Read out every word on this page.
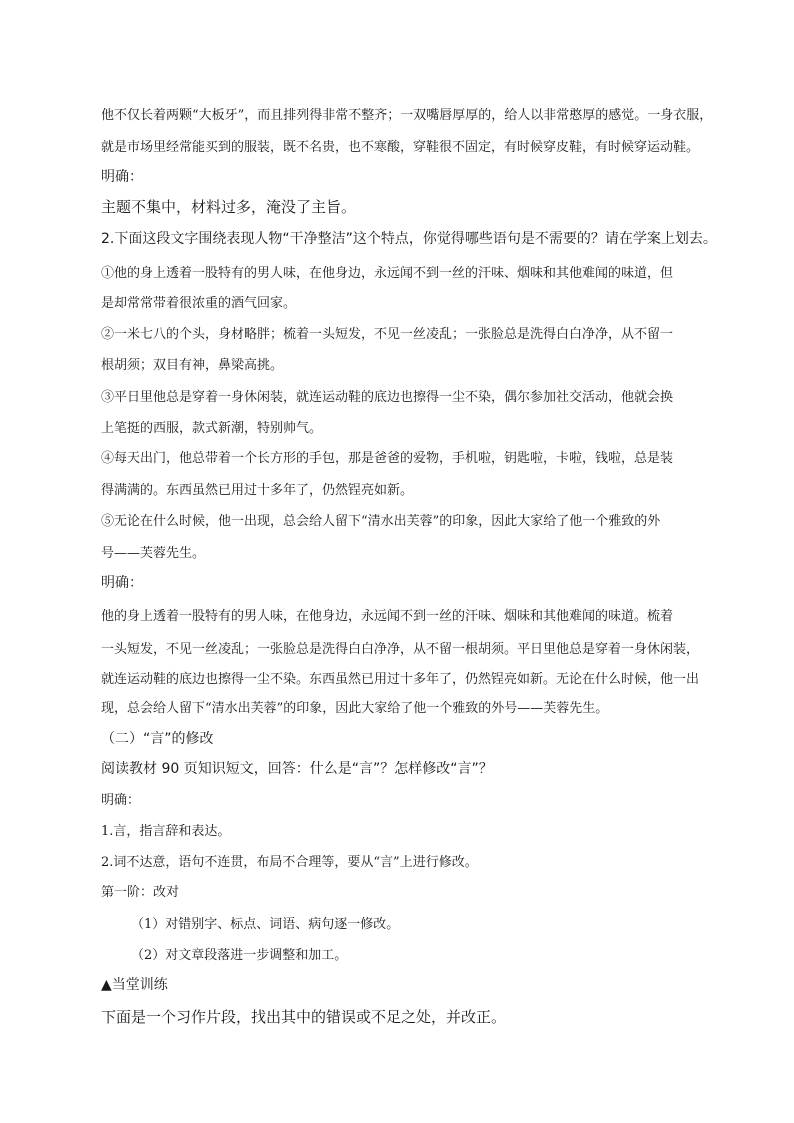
他不仅长着两颗“大板牙”，而且排列得非常不整齐；一双嘴唇厚厚的，给人以非常憨厚的感觉。一身衣服，

就是市场里经常能买到的服装，既不名贵，也不寒酸，穿鞋很不固定，有时候穿皮鞋，有时候穿运动鞋。

明确：

主题不集中，材料过多，淹没了主旨。

2.下面这段文字围绕表现人物“干净整洁”这个特点，你觉得哪些语句是不需要的？请在学案上划去。

①他的身上透着一股特有的男人味，在他身边，永远闻不到一丝的汗味、烟味和其他难闻的味道，但

是却常常带着很浓重的酒气回家。

②一米七八的个头，身材略胖；梳着一头短发，不见一丝凌乱；一张脸总是洗得白白净净，从不留一

根胡须；双目有神，鼻梁高挑。

③平日里他总是穿着一身休闲装，就连运动鞋的底边也擦得一尘不染，偶尔参加社交活动，他就会换

上笔挺的西服，款式新潮，特别帅气。

④每天出门，他总带着一个长方形的手包，那是爸爸的爱物，手机啦，钥匙啦，卡啦，钱啦，总是装

得满满的。东西虽然已用过十多年了，仍然锃亮如新。

⑤无论在什么时候，他一出现，总会给人留下“清水出芙蓉”的印象，因此大家给了他一个雅致的外

号——芙蓉先生。

明确：

他的身上透着一股特有的男人味，在他身边，永远闻不到一丝的汗味、烟味和其他难闻的味道。梳着

一头短发，不见一丝凌乱；一张脸总是洗得白白净净，从不留一根胡须。平日里他总是穿着一身休闲装，

就连运动鞋的底边也擦得一尘不染。东西虽然已用过十多年了，仍然锃亮如新。无论在什么时候，他一出

现，总会给人留下“清水出芙蓉”的印象，因此大家给了他一个雅致的外号——芙蓉先生。

（二）“言”的修改

阅读教材 90 页知识短文，回答：什么是“言”？怎样修改“言”？

明确：

1.言，指言辞和表达。

2.词不达意，语句不连贯，布局不合理等，要从“言”上进行修改。

第一阶：改对

（1）对错别字、标点、词语、病句逐一修改。

（2）对文章段落进一步调整和加工。

▲当堂训练

下面是一个习作片段，找出其中的错误或不足之处，并改正。
